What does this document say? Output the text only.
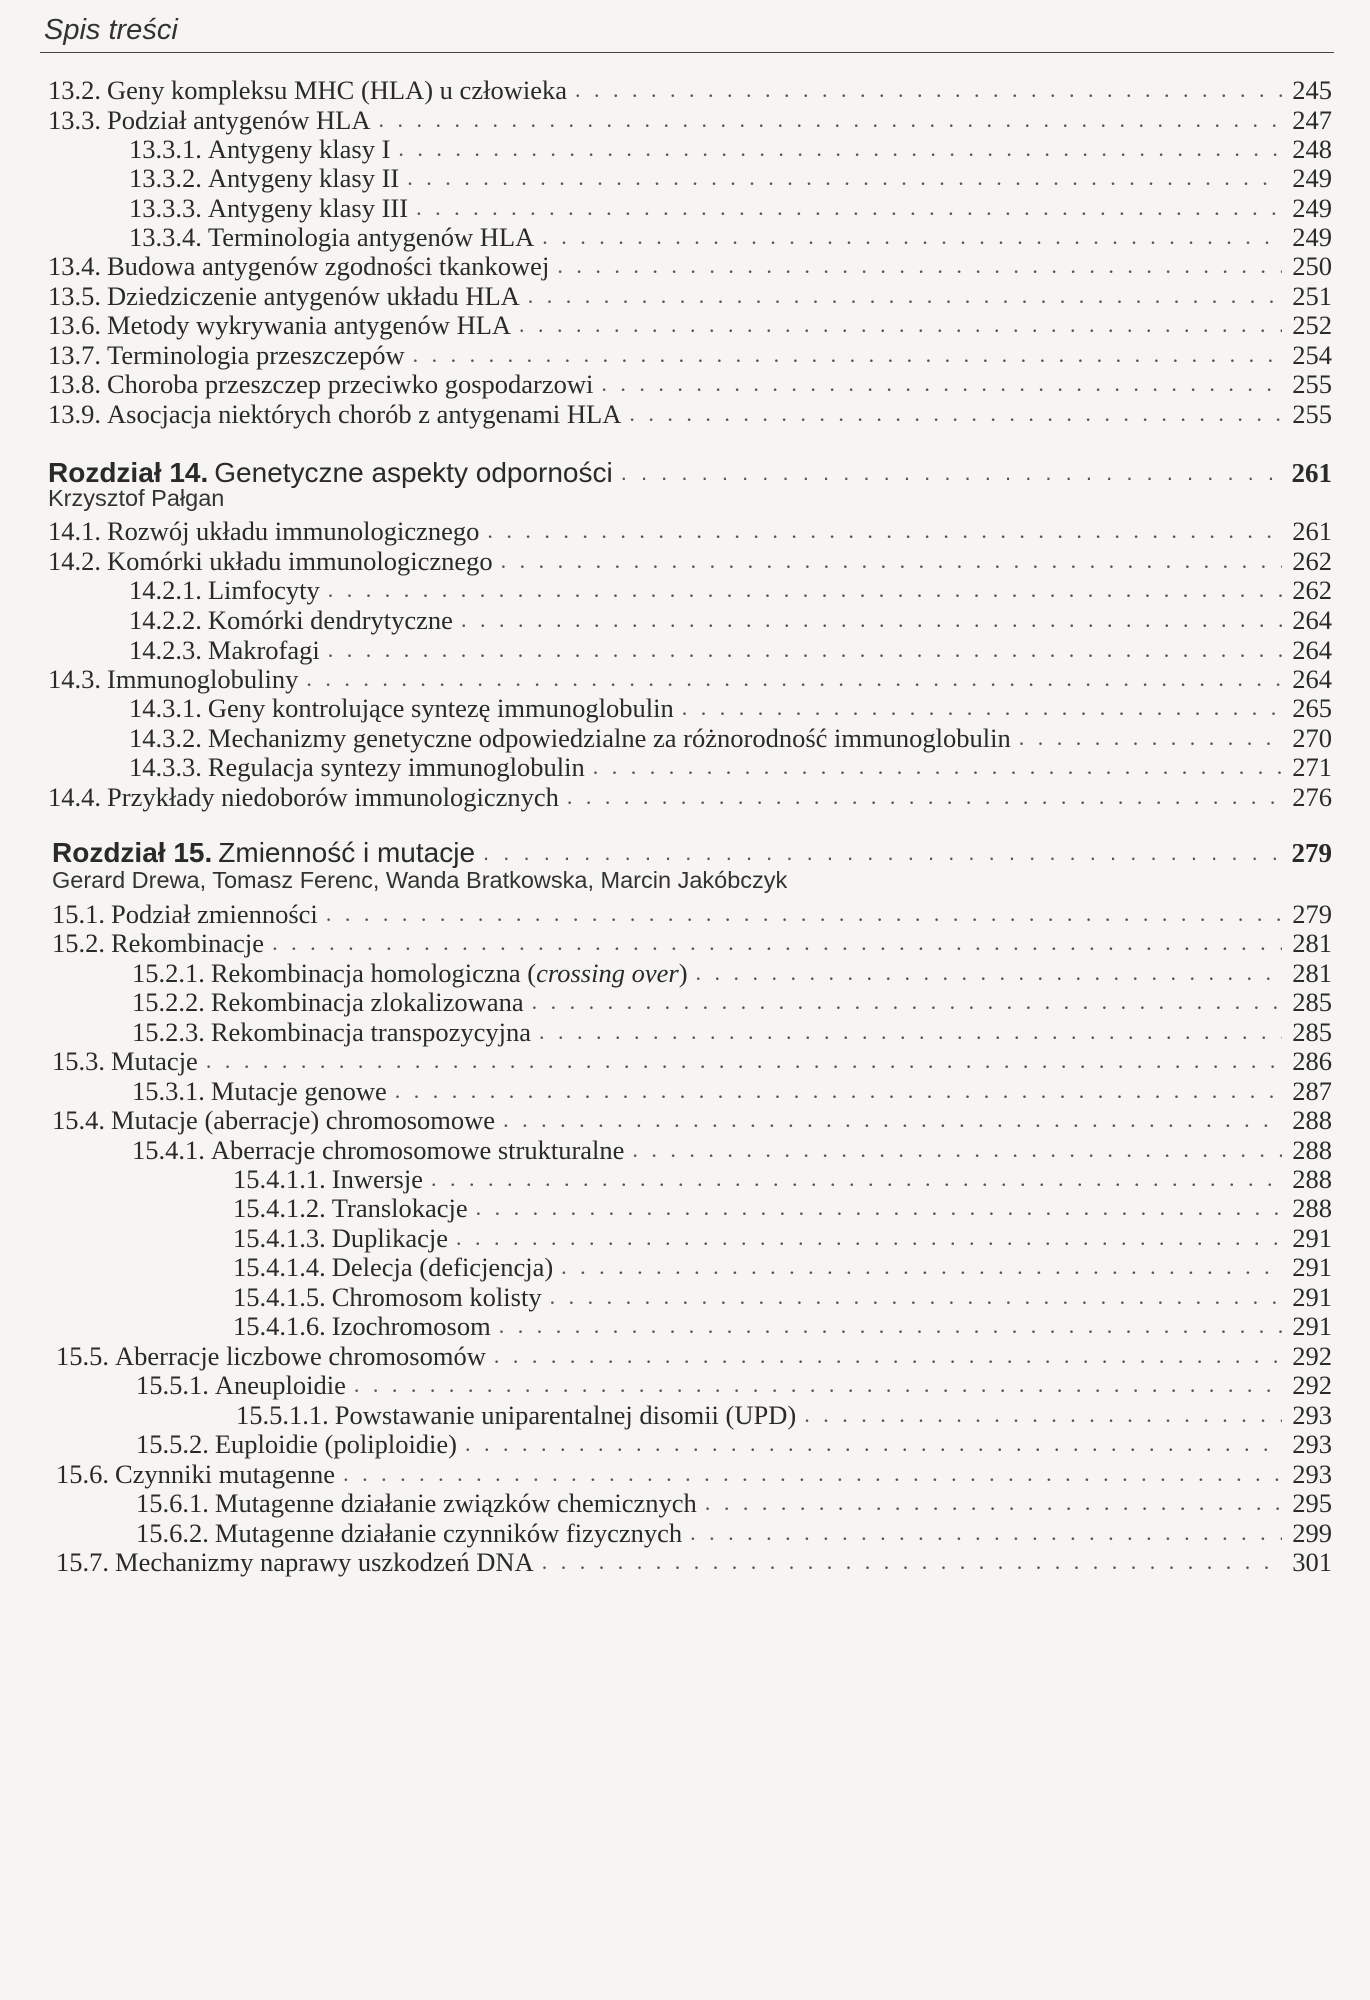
Spis treści
13.2. Geny kompleksu MHC (HLA) u człowieka . . .	245
13.3. Podział antygenów HLA . . .	247
13.3.1. Antygeny klasy I . . .	248
13.3.2. Antygeny klasy II . . .	249
13.3.3. Antygeny klasy III . . .	249
13.3.4. Terminologia antygenów HLA . . .	249
13.4. Budowa antygenów zgodności tkankowej . . .	250
13.5. Dziedziczenie antygenów układu HLA . . .	251
13.6. Metody wykrywania antygenów HLA . . .	252
13.7. Terminologia przeszczepów . . .	254
13.8. Choroba przeszczep przeciwko gospodarzowi . . .	255
13.9. Asocjacja niektórych chorób z antygenami HLA . . .	255
Rozdział 14. Genetyczne aspekty odporności . . .	261
Krzysztof Pałgan
14.1. Rozwój układu immunologicznego . . .	261
14.2. Komórki układu immunologicznego . . .	262
14.2.1. Limfocyty . . .	262
14.2.2. Komórki dendrytyczne . . .	264
14.2.3. Makrofagi . . .	264
14.3. Immunoglobuliny . . .	264
14.3.1. Geny kontrolujące syntezę immunoglobulin . . .	265
14.3.2. Mechanizmy genetyczne odpowiedzialne za różnorodność immunoglobulin . . .	270
14.3.3. Regulacja syntezy immunoglobulin . . .	271
14.4. Przykłady niedoborów immunologicznych . . .	276
Rozdział 15. Zmienność i mutacje . . .	279
Gerard Drewa, Tomasz Ferenc, Wanda Bratkowska, Marcin Jakóbczyk
15.1. Podział zmienności . . .	279
15.2. Rekombinacje . . .	281
15.2.1. Rekombinacja homologiczna (crossing over) . . .	281
15.2.2. Rekombinacja zlokalizowana . . .	285
15.2.3. Rekombinacja transpozycyjna . . .	285
15.3. Mutacje . . .	286
15.3.1. Mutacje genowe . . .	287
15.4. Mutacje (aberracje) chromosomowe . . .	288
15.4.1. Aberracje chromosomowe strukturalne . . .	288
15.4.1.1. Inwersje . . .	288
15.4.1.2. Translokacje . . .	288
15.4.1.3. Duplikacje . . .	291
15.4.1.4. Delecja (deficjencja) . . .	291
15.4.1.5. Chromosom kolisty . . .	291
15.4.1.6. Izochromosom . . .	291
15.5. Aberracje liczbowe chromosomów . . .	292
15.5.1. Aneuploidie . . .	292
15.5.1.1. Powstawanie uniparentalnej disomii (UPD) . . .	293
15.5.2. Euploidie (poliploidie) . . .	293
15.6. Czynniki mutagenne . . .	293
15.6.1. Mutagenne działanie związków chemicznych . . .	295
15.6.2. Mutagenne działanie czynników fizycznych . . .	299
15.7. Mechanizmy naprawy uszkodzeń DNA . . .	301
